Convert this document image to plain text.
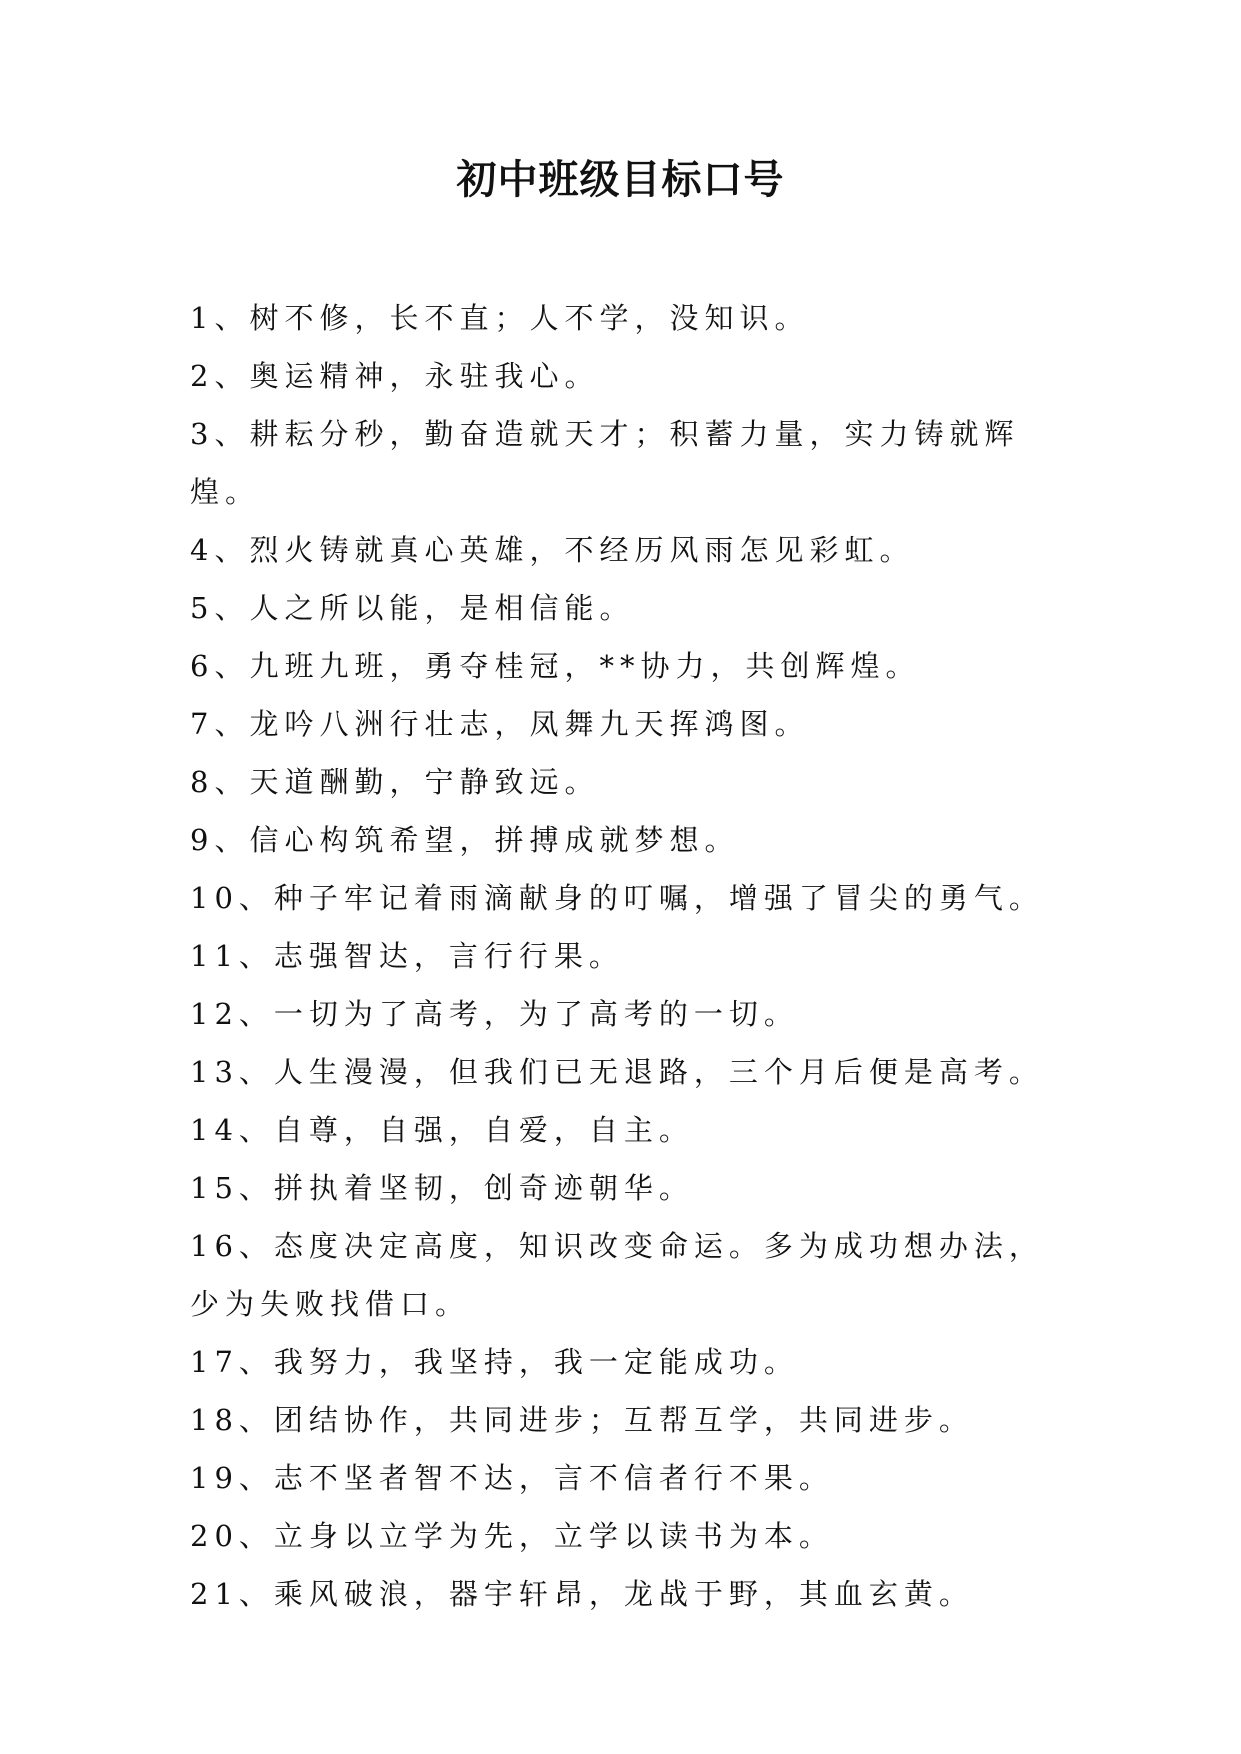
初中班级目标口号
1、树不修，长不直；人不学，没知识。
2、奥运精神，永驻我心。
3、耕耘分秒，勤奋造就天才；积蓄力量，实力铸就辉煌。
4、烈火铸就真心英雄，不经历风雨怎见彩虹。
5、人之所以能，是相信能。
6、九班九班，勇夺桂冠，**协力，共创辉煌。
7、龙吟八洲行壮志，凤舞九天挥鸿图。
8、天道酬勤，宁静致远。
9、信心构筑希望，拼搏成就梦想。
10、种子牢记着雨滴献身的叮嘱，增强了冒尖的勇气。
11、志强智达，言行行果。
12、一切为了高考，为了高考的一切。
13、人生漫漫，但我们已无退路，三个月后便是高考。
14、自尊，自强，自爱，自主。
15、拼执着坚韧，创奇迹朝华。
16、态度决定高度，知识改变命运。多为成功想办法，少为失败找借口。
17、我努力，我坚持，我一定能成功。
18、团结协作，共同进步；互帮互学，共同进步。
19、志不坚者智不达，言不信者行不果。
20、立身以立学为先，立学以读书为本。
21、乘风破浪，器宇轩昂，龙战于野，其血玄黄。
